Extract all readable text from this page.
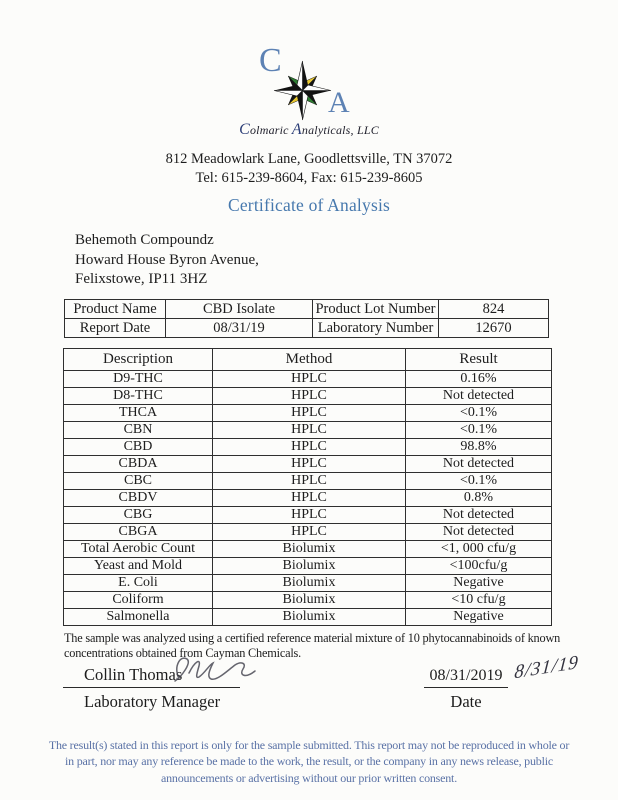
C
A
Colmaric Analyticals, LLC
812 Meadowlark Lane, Goodlettsville, TN 37072
Tel: 615-239-8604, Fax: 615-239-8605
Certificate of Analysis
Behemoth Compoundz
Howard House Byron Avenue,
Felixstowe, IP11 3HZ
Product Name	CBD Isolate	Product Lot Number	824
Report Date	08/31/19	Laboratory Number	12670
Description	Method	Result
D9-THC	HPLC	0.16%
D8-THC	HPLC	Not detected
THCA	HPLC	<0.1%
CBN	HPLC	<0.1%
CBD	HPLC	98.8%
CBDA	HPLC	Not detected
CBC	HPLC	<0.1%
CBDV	HPLC	0.8%
CBG	HPLC	Not detected
CBGA	HPLC	Not detected
Total Aerobic Count	Biolumix	<1, 000 cfu/g
Yeast and Mold	Biolumix	<100cfu/g
E. Coli	Biolumix	Negative
Coliform	Biolumix	<10 cfu/g
Salmonella	Biolumix	Negative
The sample was analyzed using a certified reference material mixture of 10 phytocannabinoids of known concentrations obtained from Cayman Chemicals.
Collin Thomas
Laboratory Manager
08/31/2019 8/31/19
Date
The result(s) stated in this report is only for the sample submitted. This report may not be reproduced in whole or in part, nor may any reference be made to the work, the result, or the company in any news release, public announcements or advertising without our prior written consent.
